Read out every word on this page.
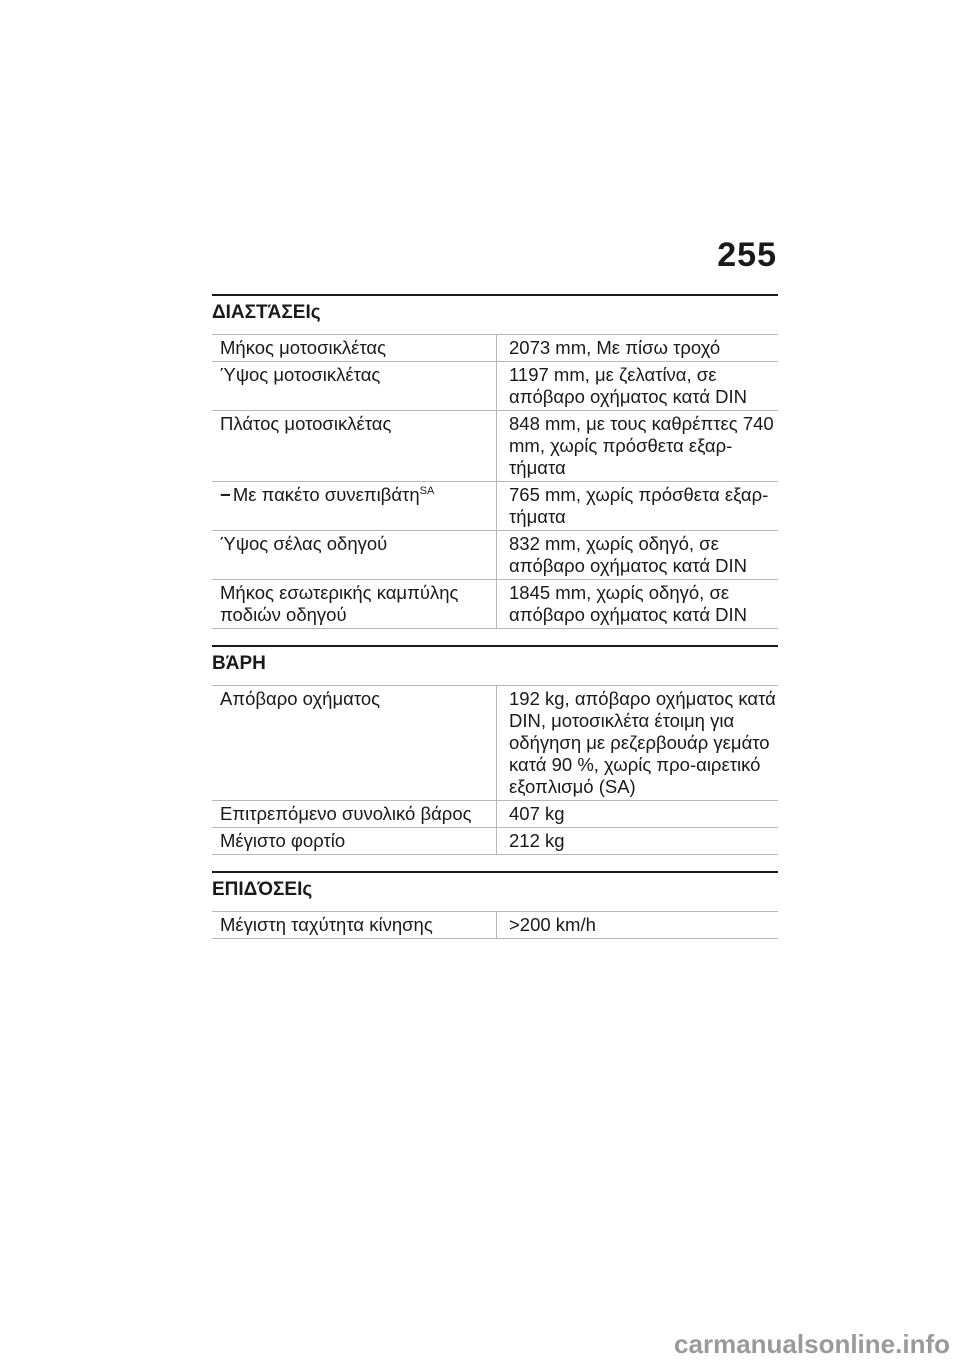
255
ΔΙΑΣΤΆΣΕΙς
Μήκος μοτοσικλέτας	2073 mm, Με πίσω τροχό
Ύψος μοτοσικλέτας	1197 mm, με ζελατίνα, σε απόβαρο οχήματος κατά DIN
Πλάτος μοτοσικλέτας	848 mm, με τους καθρέπτες 740 mm, χωρίς πρόσθετα εξαρ-τήματα
− Με πακέτο συνεπιβάτη$^{SA}$	765 mm, χωρίς πρόσθετα εξαρ-τήματα
Ύψος σέλας οδηγού	832 mm, χωρίς οδηγό, σε απόβαρο οχήματος κατά DIN
Μήκος εσωτερικής καμπύλης ποδιών οδηγού	1845 mm, χωρίς οδηγό, σε απόβαρο οχήματος κατά DIN
ΒΆΡΗ
Απόβαρο οχήματος	192 kg, απόβαρο οχήματος κατά DIN, μοτοσικλέτα έτοιμη για οδήγηση με ρεζερβουάρ γεμάτο κατά 90 %, χωρίς προ-αιρετικό εξοπλισμό (SA)
Επιτρεπόμενο συνολικό βάρος	407 kg
Μέγιστο φορτίο	212 kg
ΕΠΙΔΌΣΕΙς
Μέγιστη ταχύτητα κίνησης	>200 km/h
carmanualsonline.info
